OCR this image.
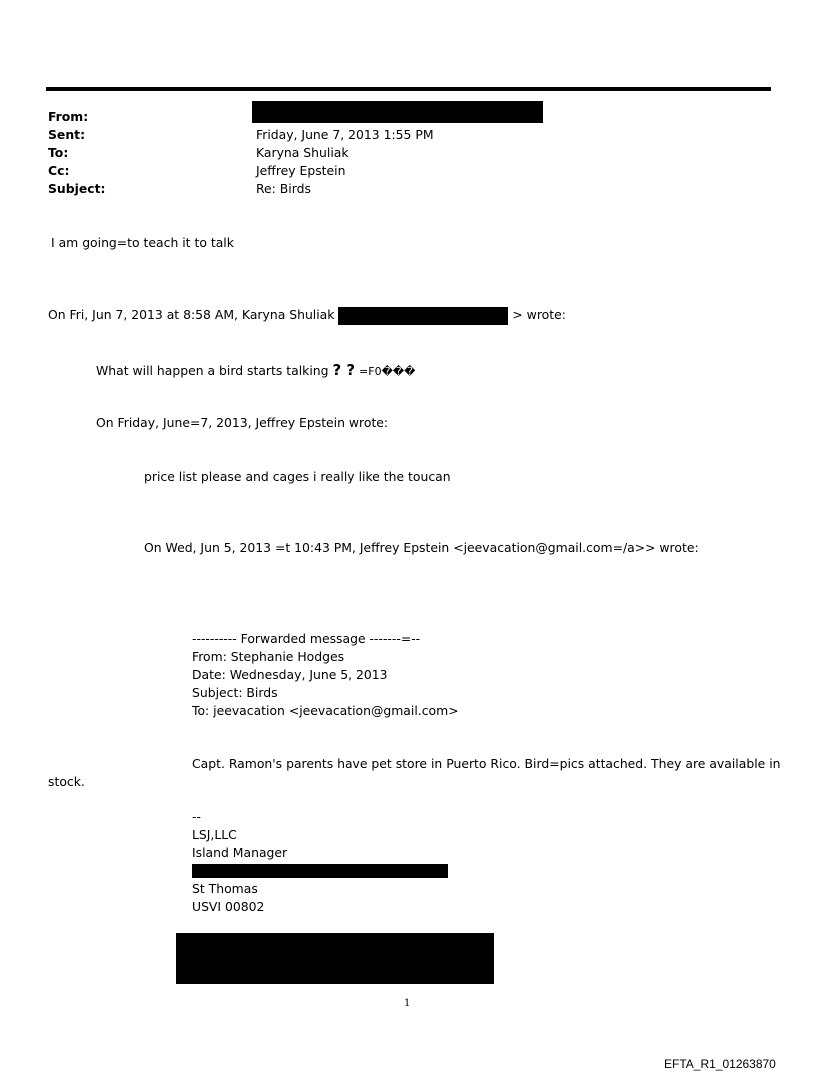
From:
Sent:	Friday, June 7, 2013 1:55 PM
To:	Karyna Shuliak
Cc:	Jeffrey Epstein
Subject:	Re: Birds
I am going=to teach it to talk
On Fri, Jun 7, 2013 at 8:58 AM, Karyna Shuliak	> wrote:
What will happen a bird starts talking ? ? =F0���
On Friday, June=7, 2013, Jeffrey Epstein wrote:
price list please and cages i really like the toucan
On Wed, Jun 5, 2013 =t 10:43 PM, Jeffrey Epstein <jeevacation@gmail.com=/a>> wrote:
---------- Forwarded message -------=--
From: Stephanie Hodges
Date: Wednesday, June 5, 2013
Subject: Birds
To: jeevacation <jeevacation@gmail.com>
Capt. Ramon's parents have pet store in Puerto Rico. Bird=pics attached. They are available in
stock.
--
LSJ,LLC
Island Manager
St Thomas
USVI 00802
1
EFTA_R1_01263870
